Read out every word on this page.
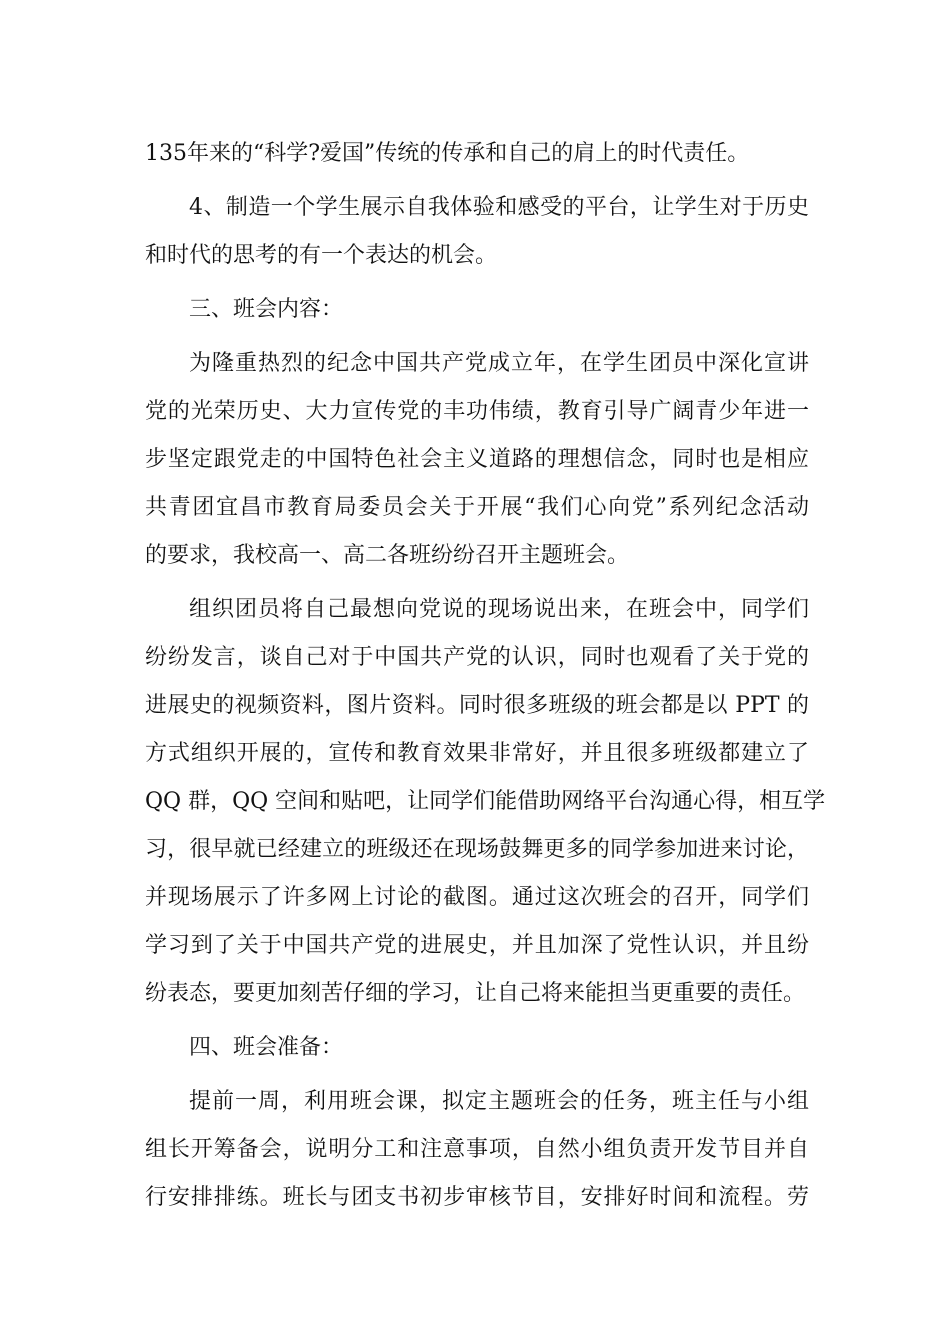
135年来的“科学?爱国”传统的传承和自己的肩上的时代责任。
4、制造一个学生展示自我体验和感受的平台，让学生对于历史
和时代的思考的有一个表达的机会。
三、班会内容：
为隆重热烈的纪念中国共产党成立年，在学生团员中深化宣讲
党的光荣历史、大力宣传党的丰功伟绩，教育引导广阔青少年进一
步坚定跟党走的中国特色社会主义道路的理想信念，同时也是相应
共青团宜昌市教育局委员会关于开展“我们心向党”系列纪念活动
的要求，我校高一、高二各班纷纷召开主题班会。
组织团员将自己最想向党说的现场说出来，在班会中，同学们
纷纷发言，谈自己对于中国共产党的认识，同时也观看了关于党的
进展史的视频资料，图片资料。同时很多班级的班会都是以 PPT 的
方式组织开展的，宣传和教育效果非常好，并且很多班级都建立了
QQ 群，QQ 空间和贴吧，让同学们能借助网络平台沟通心得，相互学
习，很早就已经建立的班级还在现场鼓舞更多的同学参加进来讨论，
并现场展示了许多网上讨论的截图。通过这次班会的召开，同学们
学习到了关于中国共产党的进展史，并且加深了党性认识，并且纷
纷表态，要更加刻苦仔细的学习，让自己将来能担当更重要的责任。
四、班会准备：
提前一周，利用班会课，拟定主题班会的任务，班主任与小组
组长开筹备会，说明分工和注意事项，自然小组负责开发节目并自
行安排排练。班长与团支书初步审核节目，安排好时间和流程。劳
